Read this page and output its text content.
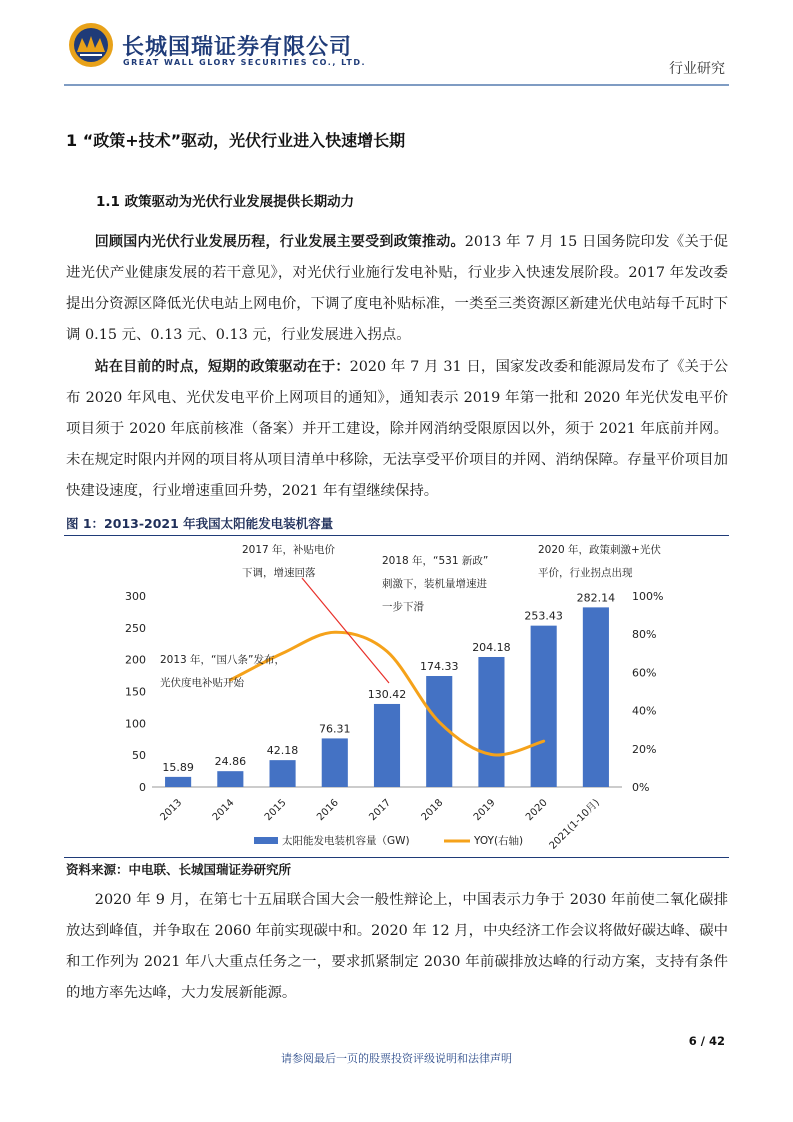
长城国瑞证券有限公司
GREAT WALL GLORY SECURITIES CO., LTD.	行业研究
1 “政策+技术”驱动，光伏行业进入快速增长期
1.1 政策驱动为光伏行业发展提供长期动力

回顾国内光伏行业发展历程，行业发展主要受到政策推动。2013 年 7 月 15 日国务院印发《关于促进光伏产业健康发展的若干意见》，对光伏行业施行发电补贴，行业步入快速发展阶段。2017 年发改委提出分资源区降低光伏电站上网电价，下调了度电补贴标准，一类至三类资源区新建光伏电站每千瓦时下调 0.15 元、0.13 元、0.13 元，行业发展进入拐点。

站在目前的时点，短期的政策驱动在于：2020 年 7 月 31 日，国家发改委和能源局发布了《关于公布 2020 年风电、光伏发电平价上网项目的通知》，通知表示 2019 年第一批和 2020 年光伏发电平价项目须于 2020 年底前核准（备案）并开工建设，除并网消纳受限原因以外，须于 2021 年底前并网。未在规定时限内并网的项目将从项目清单中移除，无法享受平价项目的并网、消纳保障。存量平价项目加快建设速度，行业增速重回升势，2021 年有望继续保持。

图 1：2013-2021 年我国太阳能发电装机容量
0
50
100
150
200
250
300
0%
20%
40%
60%
80%
100%
15.89 24.86
42.18
76.31
130.42
174.33
204.18
253.43
282.14
2013	2014	2015	2016	2017	2018	2019	2020
2021(1-10月)
2013 年，“国八条”发布，
光伏度电补贴开始
2017 年，补贴电价
下调，增速回落
2018 年，“531 新政”
刺激下，装机量增速进
一步下滑
2020 年，政策刺激+光伏
平价，行业拐点出现
太阳能发电装机容量（GW)	YOY(右轴)
资料来源：中电联、长城国瑞证券研究所

2020 年 9 月，在第七十五届联合国大会一般性辩论上，中国表示力争于 2030 年前使二氧化碳排放达到峰值，并争取在 2060 年前实现碳中和。2020 年 12 月，中央经济工作会议将做好碳达峰、碳中和工作列为 2021 年八大重点任务之一，要求抓紧制定 2030 年前碳排放达峰的行动方案，支持有条件的地方率先达峰，大力发展新能源。

6 / 42
请参阅最后一页的股票投资评级说明和法律声明
